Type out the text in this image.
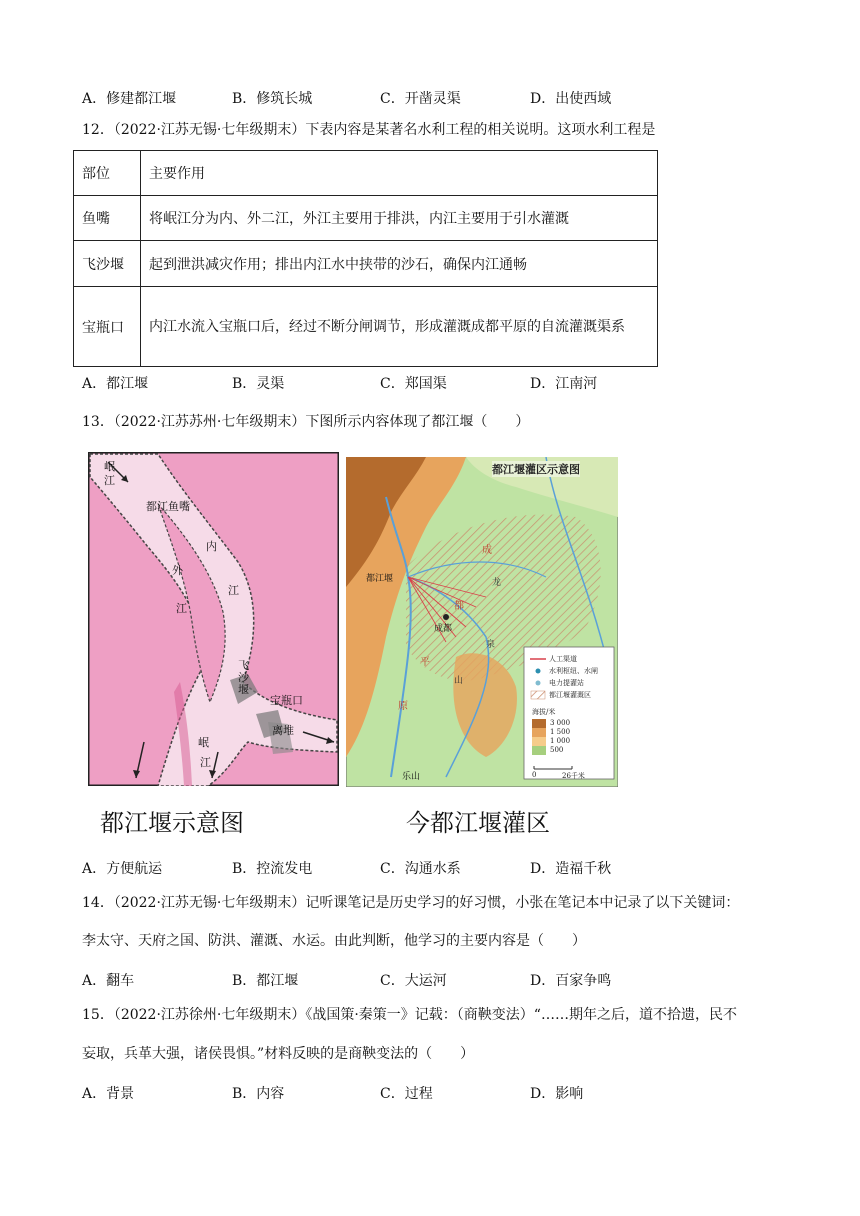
A．修建都江堰	B．修筑长城	C．开凿灵渠	D．出使西域
12．（2022·江苏无锡·七年级期末）下表内容是某著名水利工程的相关说明。这项水利工程是
部位	主要作用
鱼嘴	将岷江分为内、外二江，外江主要用于排洪，内江主要用于引水灌溉
飞沙堰	起到泄洪减灾作用；排出内江水中挟带的沙石，确保内江通畅
宝瓶口	内江水流入宝瓶口后，经过不断分闸调节，形成灌溉成都平原的自流灌溉渠系
A．都江堰	B．灵渠	C．郑国渠	D．江南河
13．（2022·江苏苏州·七年级期末）下图所示内容体现了都江堰（　　）
岷
江
都江鱼嘴
外
江
内
江
飞沙堰
宝瓶口
离堆
岷
江
都江堰灌区示意图
成
都
平
原
都江堰
成都
龙
泉
山
乐山
人工渠道
水利枢纽、水闸
电力提灌站
都江堰灌溉区
海拔/米
3 000
1 500
1 000
500
0	26千米
都江堰示意图	今都江堰灌区
A．方便航运	B．控流发电	C．沟通水系	D．造福千秋
14．（2022·江苏无锡·七年级期末）记听课笔记是历史学习的好习惯，小张在笔记本中记录了以下关键词：
李太守、天府之国、防洪、灌溉、水运。由此判断，他学习的主要内容是（　　）
A．翻车	B．都江堰	C．大运河	D．百家争鸣
15．（2022·江苏徐州·七年级期末）《战国策·秦策一》记载：（商鞅变法）“……期年之后，道不拾遗，民不
妄取，兵革大强，诸侯畏惧。”材料反映的是商鞅变法的（　　）
A．背景	B．内容	C．过程	D．影响
